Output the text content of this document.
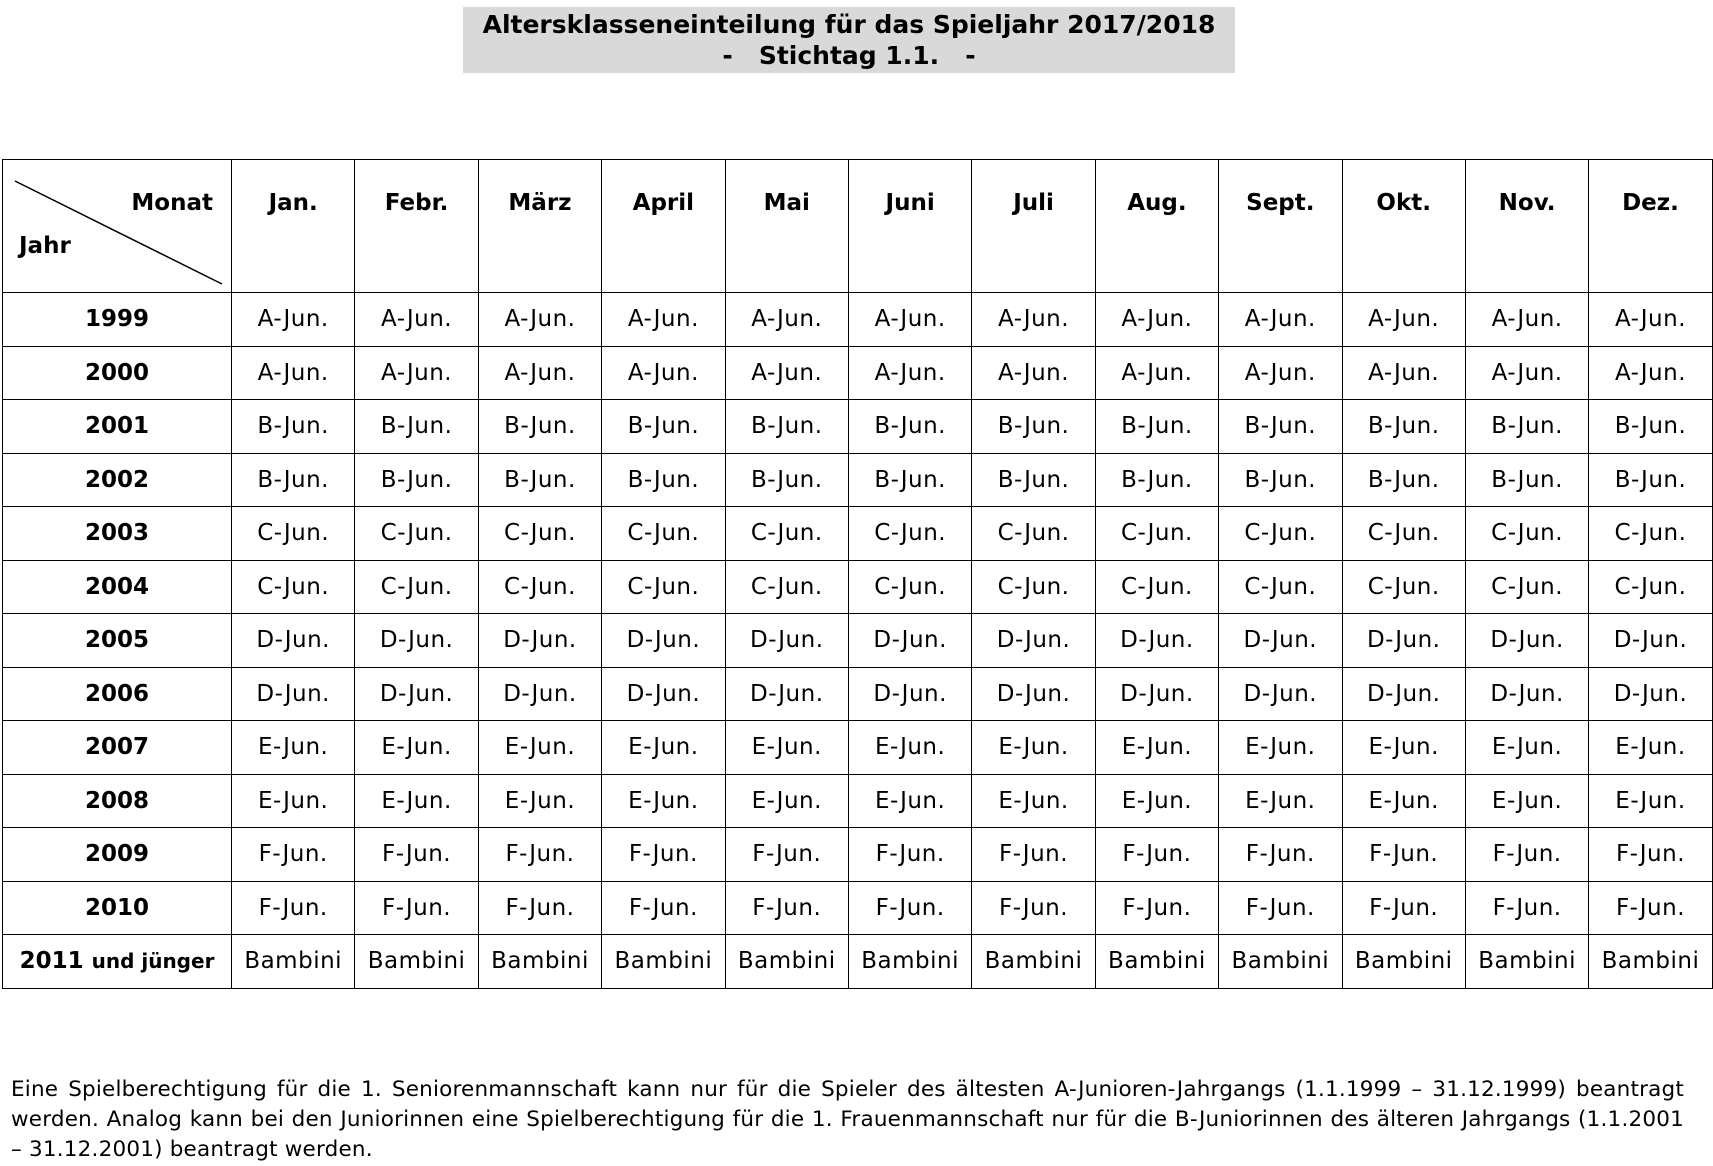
Altersklasseneinteilung für das Spieljahr 2017/2018
-   Stichtag 1.1.   -
Monat
Jahr	Jan.	Febr.	März	April	Mai	Juni	Juli	Aug.	Sept.	Okt.	Nov.	Dez.
1999	A-Jun.	A-Jun.	A-Jun.	A-Jun.	A-Jun.	A-Jun.	A-Jun.	A-Jun.	A-Jun.	A-Jun.	A-Jun.	A-Jun.
2000	A-Jun.	A-Jun.	A-Jun.	A-Jun.	A-Jun.	A-Jun.	A-Jun.	A-Jun.	A-Jun.	A-Jun.	A-Jun.	A-Jun.
2001	B-Jun.	B-Jun.	B-Jun.	B-Jun.	B-Jun.	B-Jun.	B-Jun.	B-Jun.	B-Jun.	B-Jun.	B-Jun.	B-Jun.
2002	B-Jun.	B-Jun.	B-Jun.	B-Jun.	B-Jun.	B-Jun.	B-Jun.	B-Jun.	B-Jun.	B-Jun.	B-Jun.	B-Jun.
2003	C-Jun.	C-Jun.	C-Jun.	C-Jun.	C-Jun.	C-Jun.	C-Jun.	C-Jun.	C-Jun.	C-Jun.	C-Jun.	C-Jun.
2004	C-Jun.	C-Jun.	C-Jun.	C-Jun.	C-Jun.	C-Jun.	C-Jun.	C-Jun.	C-Jun.	C-Jun.	C-Jun.	C-Jun.
2005	D-Jun.	D-Jun.	D-Jun.	D-Jun.	D-Jun.	D-Jun.	D-Jun.	D-Jun.	D-Jun.	D-Jun.	D-Jun.	D-Jun.
2006	D-Jun.	D-Jun.	D-Jun.	D-Jun.	D-Jun.	D-Jun.	D-Jun.	D-Jun.	D-Jun.	D-Jun.	D-Jun.	D-Jun.
2007	E-Jun.	E-Jun.	E-Jun.	E-Jun.	E-Jun.	E-Jun.	E-Jun.	E-Jun.	E-Jun.	E-Jun.	E-Jun.	E-Jun.
2008	E-Jun.	E-Jun.	E-Jun.	E-Jun.	E-Jun.	E-Jun.	E-Jun.	E-Jun.	E-Jun.	E-Jun.	E-Jun.	E-Jun.
2009	F-Jun.	F-Jun.	F-Jun.	F-Jun.	F-Jun.	F-Jun.	F-Jun.	F-Jun.	F-Jun.	F-Jun.	F-Jun.	F-Jun.
2010	F-Jun.	F-Jun.	F-Jun.	F-Jun.	F-Jun.	F-Jun.	F-Jun.	F-Jun.	F-Jun.	F-Jun.	F-Jun.	F-Jun.
2011 und jünger	Bambini	Bambini	Bambini	Bambini	Bambini	Bambini	Bambini	Bambini	Bambini	Bambini	Bambini	Bambini
Eine Spielberechtigung für die 1. Seniorenmannschaft kann nur für die Spieler des ältesten A-Junioren-Jahrgangs (1.1.1999 – 31.12.1999) beantragt werden. Analog kann bei den Juniorinnen eine Spielberechtigung für die 1. Frauenmannschaft nur für die B-Juniorinnen des älteren Jahrgangs (1.1.2001 – 31.12.2001) beantragt werden.
